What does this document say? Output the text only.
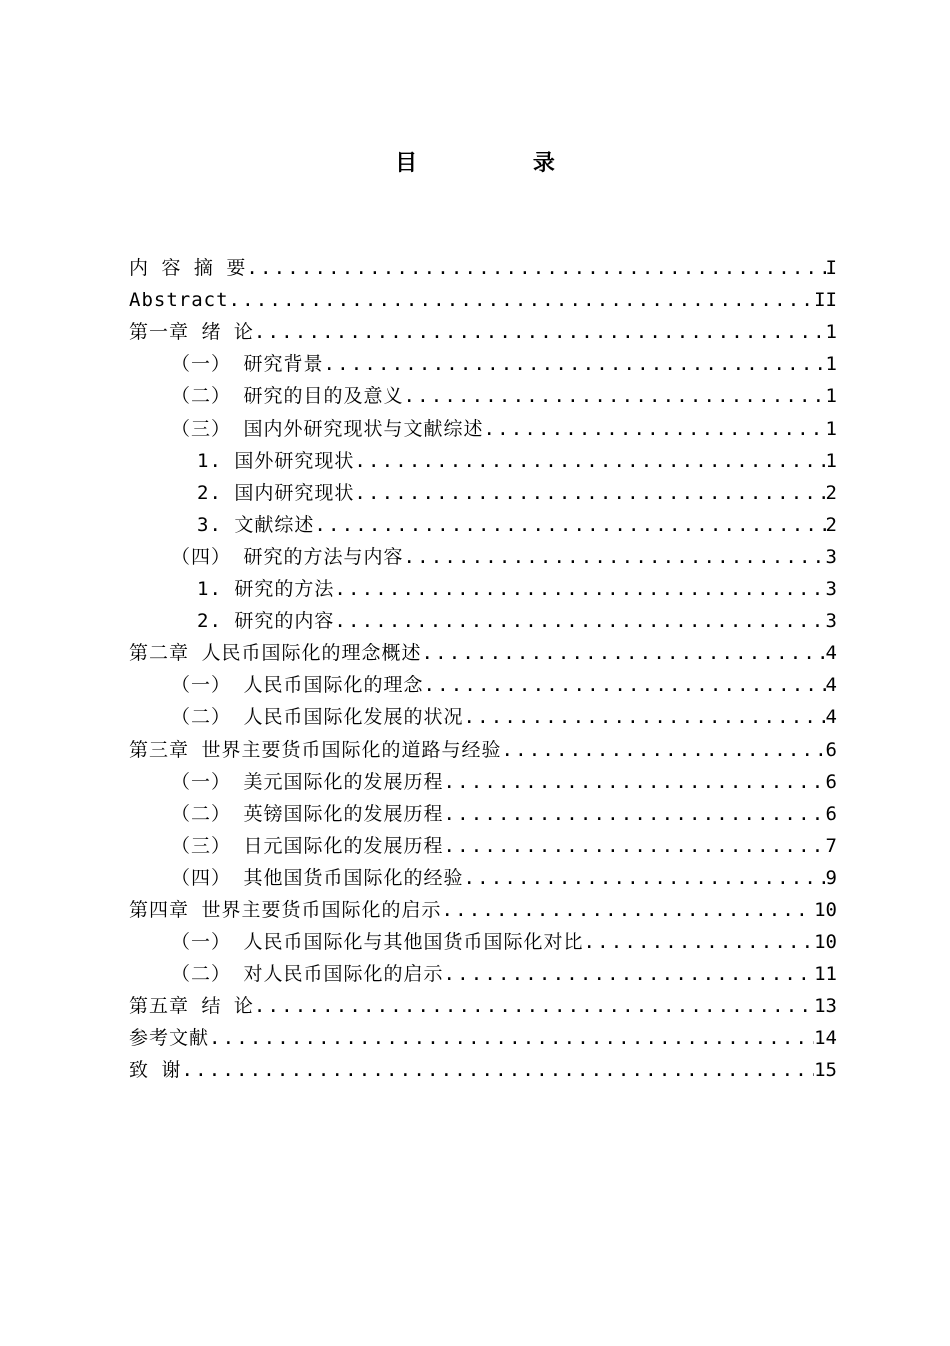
目 录
内 容 摘 要 .....	I
Abstract .....	II
第一章 绪 论 .....	1
（一） 研究背景 .....	1
（二） 研究的目的及意义 .....	1
（三） 国内外研究现状与文献综述 .....	1
1. 国外研究现状 .....	1
2. 国内研究现状 .....	2
3. 文献综述 .....	2
（四） 研究的方法与内容 .....	3
1. 研究的方法 .....	3
2. 研究的内容 .....	3
第二章 人民币国际化的理念概述 .....	4
（一） 人民币国际化的理念 .....	4
（二） 人民币国际化发展的状况 .....	4
第三章 世界主要货币国际化的道路与经验 .....	6
（一） 美元国际化的发展历程 .....	6
（二） 英镑国际化的发展历程 .....	6
（三） 日元国际化的发展历程 .....	7
（四） 其他国货币国际化的经验 .....	9
第四章 世界主要货币国际化的启示 .....	10
（一） 人民币国际化与其他国货币国际化对比 .....	10
（二） 对人民币国际化的启示 .....	11
第五章 结 论 .....	13
参考文献 .....	14
致 谢 .....	15
